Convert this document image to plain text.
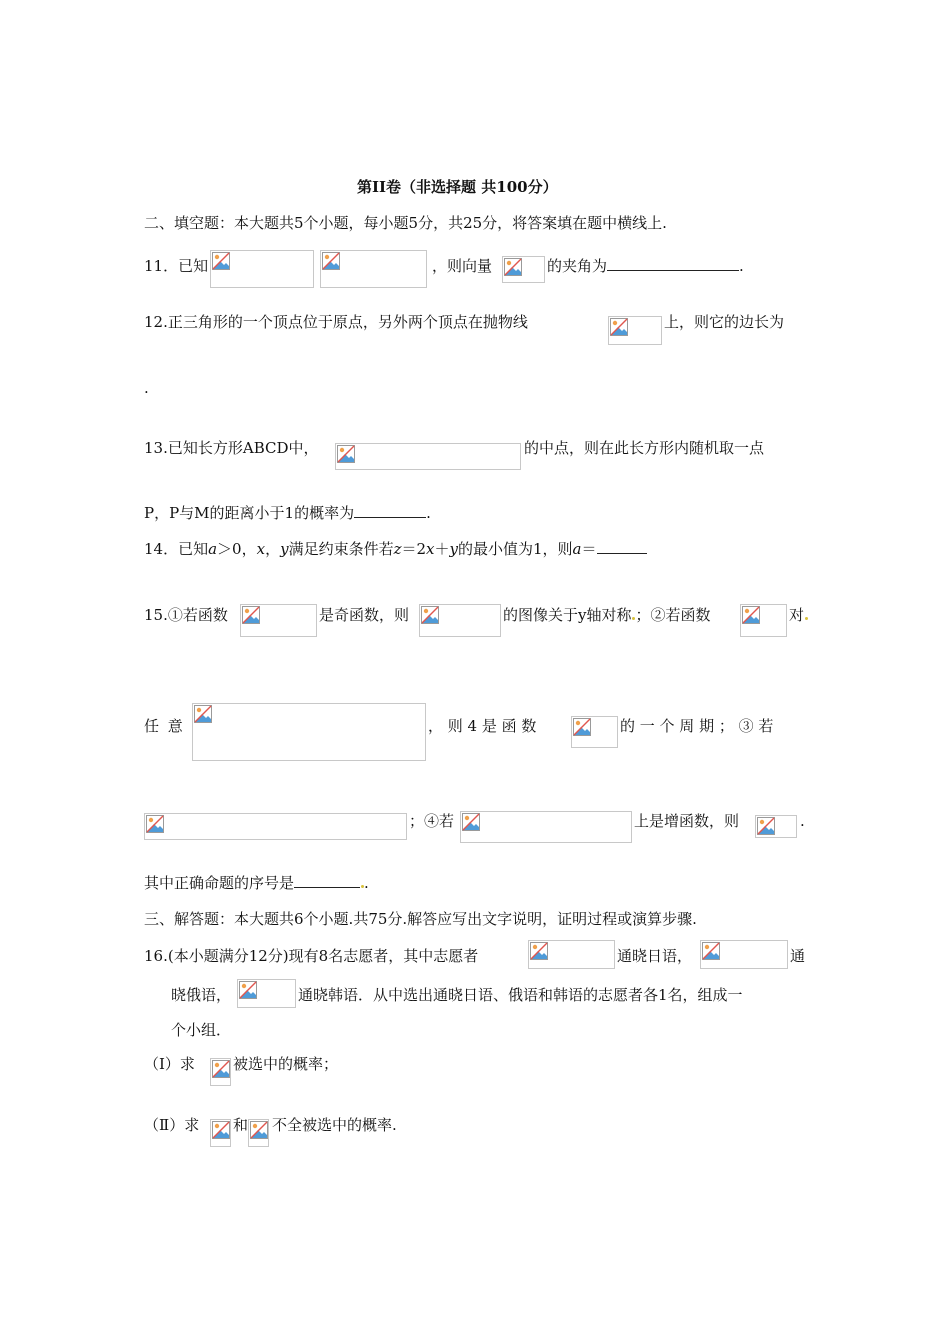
第II卷（非选择题 共100分）
二、填空题：本大题共5个小题，每小题5分，共25分，将答案填在题中横线上.
11．已知	，则向量	的夹角为	.
12.正三角形的一个顶点位于原点，另外两个顶点在抛物线	上，则它的边长为
.
13.已知长方形ABCD中，	的中点，则在此长方形内随机取一点
P，P与M的距离小于1的概率为	.
14．已知a＞0，x，y满足约束条件若z＝2x＋y的最小值为1，则a＝
15.①若函数	是奇函数，则	的图像关于y轴对称 ；②若函数	对
任 意	， 则 4 是 函 数	的 一 个 周 期 ； ③ 若
；④若	上是增函数，则	.
其中正确命题的序号是	.
三、解答题：本大题共6个小题.共75分.解答应写出文字说明，证明过程或演算步骤.
16.(本小题满分12分)现有8名志愿者，其中志愿者	通晓日语，	通
晓俄语，	通晓韩语．从中选出通晓日语、俄语和韩语的志愿者各1名，组成一
个小组．
（Ⅰ）求	被选中的概率；
（Ⅱ）求 和 不全被选中的概率.
